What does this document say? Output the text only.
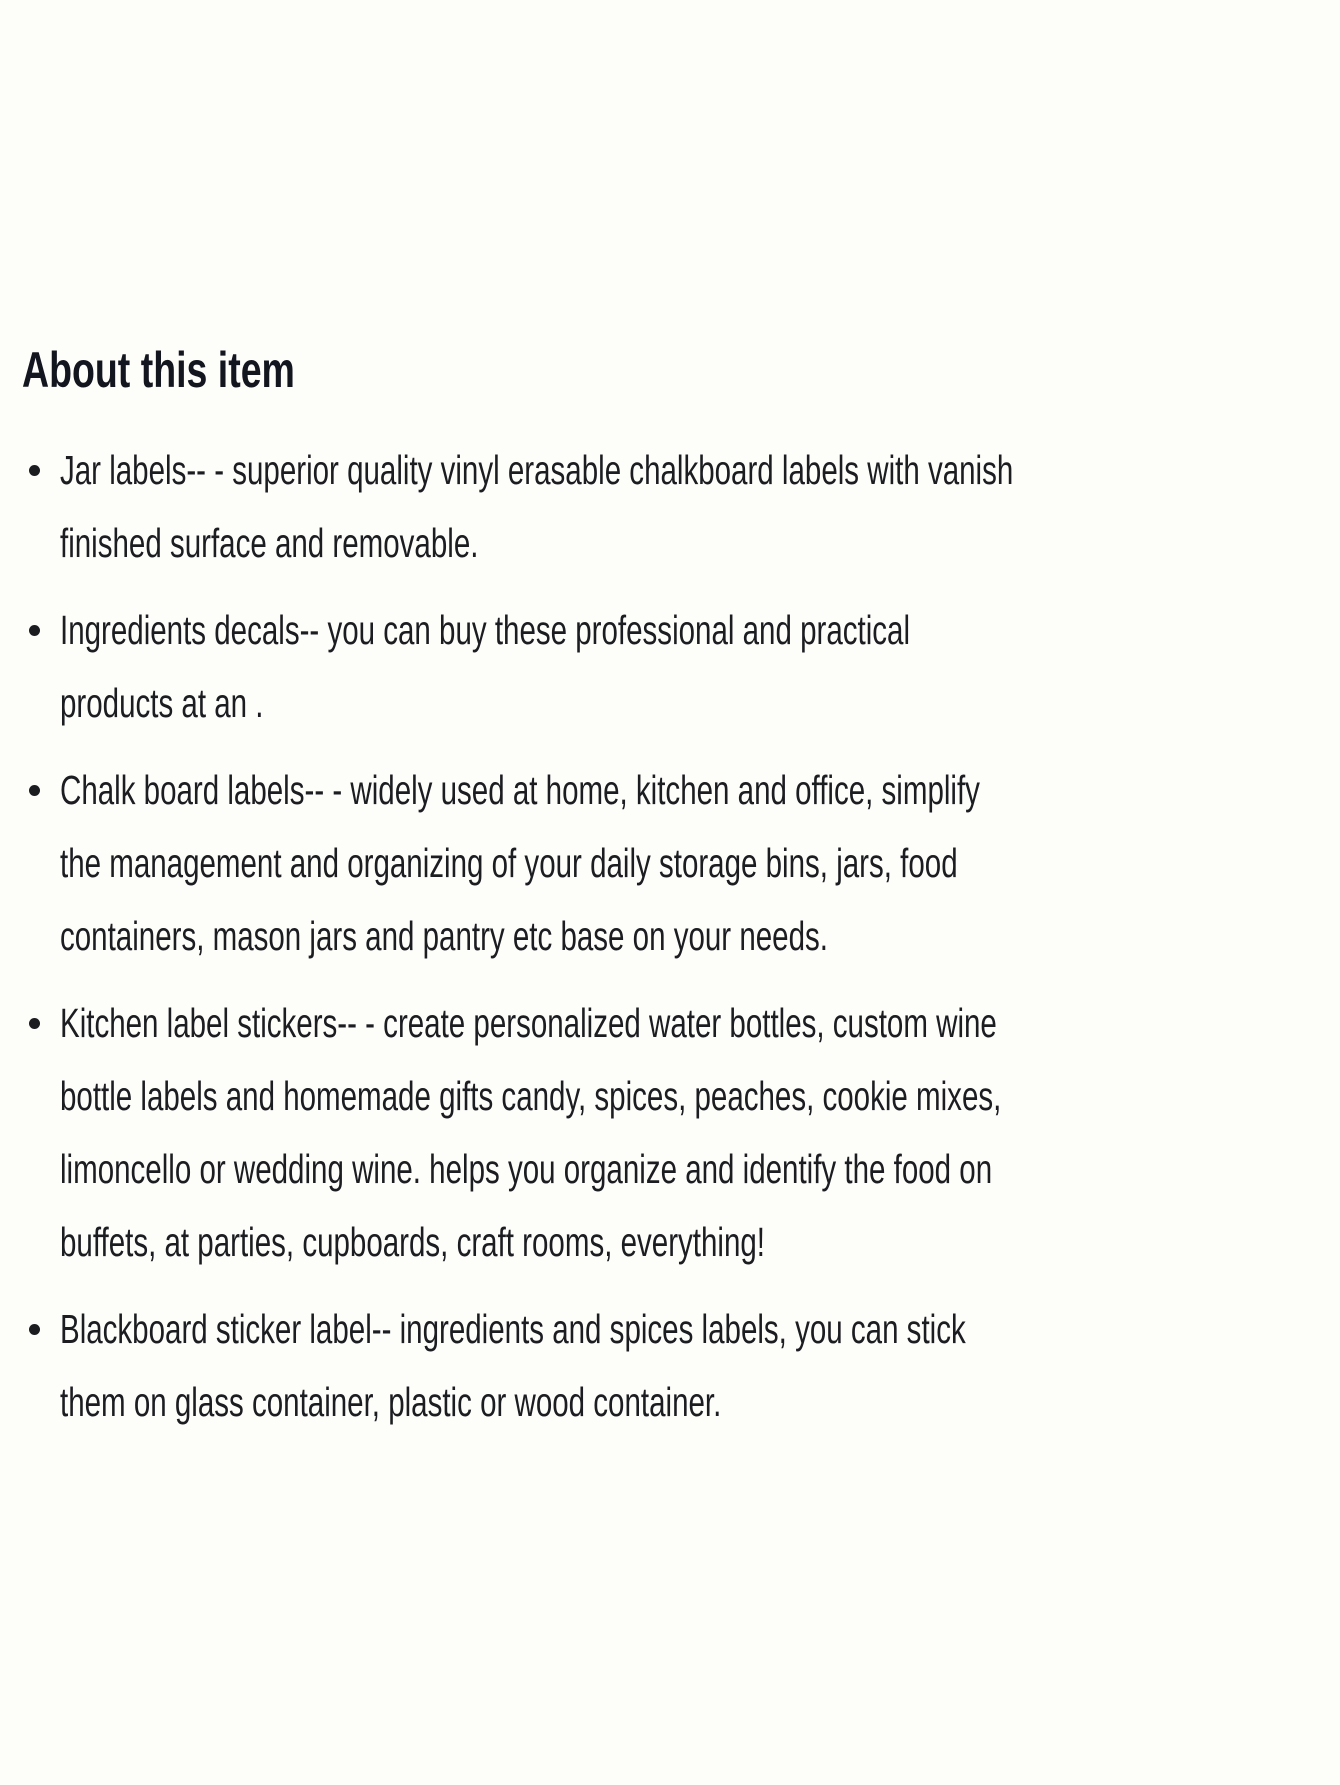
About this item
Jar labels-- - superior quality vinyl erasable chalkboard labels with vanish
finished surface and removable.
Ingredients decals-- you can buy these professional and practical
products at an .
Chalk board labels-- - widely used at home, kitchen and office, simplify
the management and organizing of your daily storage bins, jars, food
containers, mason jars and pantry etc base on your needs.
Kitchen label stickers-- - create personalized water bottles, custom wine
bottle labels and homemade gifts candy, spices, peaches, cookie mixes,
limoncello or wedding wine. helps you organize and identify the food on
buffets, at parties, cupboards, craft rooms, everything!
Blackboard sticker label-- ingredients and spices labels, you can stick
them on glass container, plastic or wood container.
